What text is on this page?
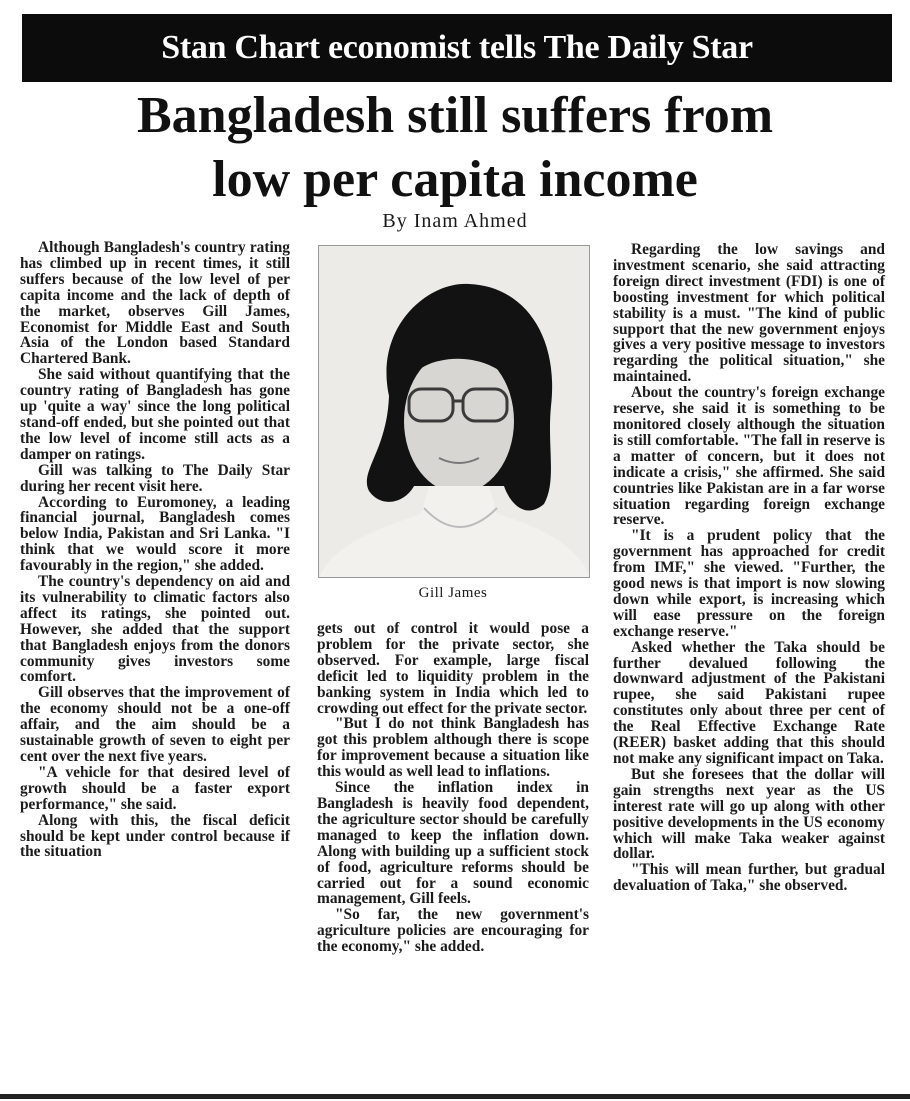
Stan Chart economist tells The Daily Star
Bangladesh still suffers from
low per capita income
By Inam Ahmed

Although Bangladesh's country rating has climbed up in recent times, it still suffers because of the low level of per capita income and the lack of depth of the market, observes Gill James, Economist for Middle East and South Asia of the London based Standard Chartered Bank.

She said without quantifying that the country rating of Bangladesh has gone up 'quite a way' since the long political stand-off ended, but she pointed out that the low level of income still acts as a damper on ratings.

Gill was talking to The Daily Star during her recent visit here.

According to Euromoney, a leading financial journal, Bangladesh comes below India, Pakistan and Sri Lanka. "I think that we would score it more favourably in the region," she added.

The country's dependency on aid and its vulnerability to climatic factors also affect its ratings, she pointed out. However, she added that the support that Bangladesh enjoys from the donors community gives investors some comfort.

Gill observes that the improvement of the economy should not be a one-off affair, and the aim should be a sustainable growth of seven to eight per cent over the next five years.

"A vehicle for that desired level of growth should be a faster export performance," she said.

Along with this, the fiscal deficit should be kept under control because if the situation

Gill James

gets out of control it would pose a problem for the private sector, she observed. For example, large fiscal deficit led to liquidity problem in the banking system in India which led to crowding out effect for the private sector.

"But I do not think Bangladesh has got this problem although there is scope for improvement because a situation like this would as well lead to inflations.

Since the inflation index in Bangladesh is heavily food dependent, the agriculture sector should be carefully managed to keep the inflation down. Along with building up a sufficient stock of food, agriculture reforms should be carried out for a sound economic management, Gill feels.

"So far, the new government's agriculture policies are encouraging for the economy," she added.

Regarding the low savings and investment scenario, she said attracting foreign direct investment (FDI) is one of boosting investment for which political stability is a must. "The kind of public support that the new government enjoys gives a very positive message to investors regarding the political situation," she maintained.

About the country's foreign exchange reserve, she said it is something to be monitored closely although the situation is still comfortable. "The fall in reserve is a matter of concern, but it does not indicate a crisis," she affirmed. She said countries like Pakistan are in a far worse situation regarding foreign exchange reserve.

"It is a prudent policy that the government has approached for credit from IMF," she viewed. "Further, the good news is that import is now slowing down while export, is increasing which will ease pressure on the foreign exchange reserve."

Asked whether the Taka should be further devalued following the downward adjustment of the Pakistani rupee, she said Pakistani rupee constitutes only about three per cent of the Real Effective Exchange Rate (REER) basket adding that this should not make any significant impact on Taka.

But she foresees that the dollar will gain strengths next year as the US interest rate will go up along with other positive developments in the US economy which will make Taka weaker against dollar.

"This will mean further, but gradual devaluation of Taka," she observed.
